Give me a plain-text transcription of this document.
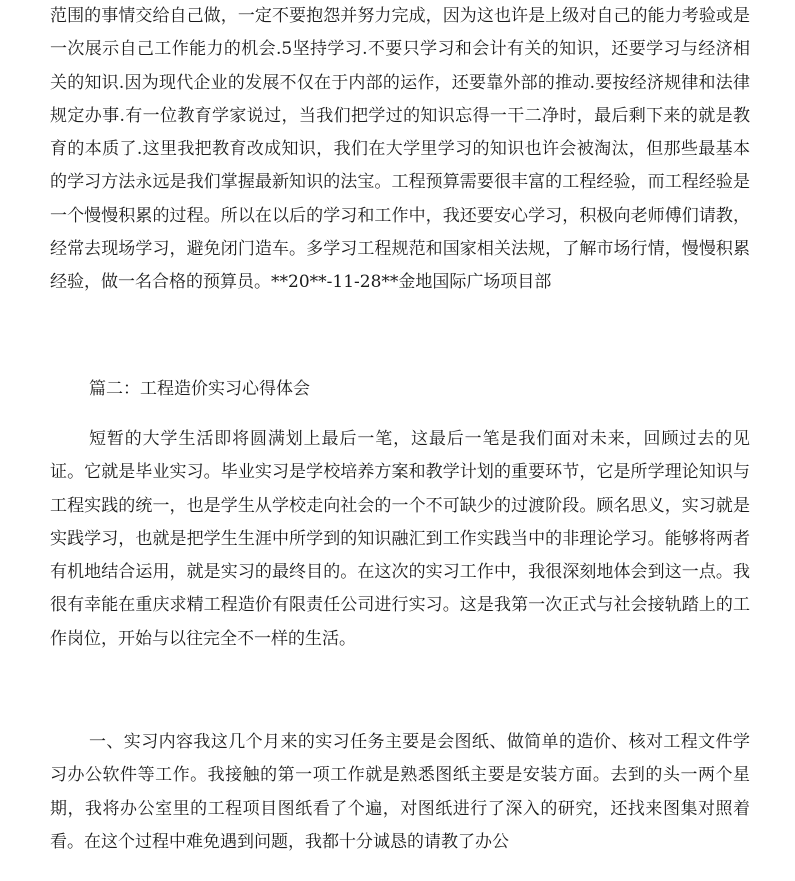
范围的事情交给自己做，一定不要抱怨并努力完成，因为这也许是上级对自己的能力考验或是一次展示自己工作能力的机会.5坚持学习.不要只学习和会计有关的知识，还要学习与经济相关的知识.因为现代企业的发展不仅在于内部的运作，还要靠外部的推动.要按经济规律和法律规定办事.有一位教育学家说过，当我们把学过的知识忘得一干二净时，最后剩下来的就是教育的本质了.这里我把教育改成知识，我们在大学里学习的知识也许会被淘汰，但那些最基本的学习方法永远是我们掌握最新知识的法宝。工程预算需要很丰富的工程经验，而工程经验是一个慢慢积累的过程。所以在以后的学习和工作中，我还要安心学习，积极向老师傅们请教，经常去现场学习，避免闭门造车。多学习工程规范和国家相关法规，了解市场行情，慢慢积累经验，做一名合格的预算员。**20**-11-28**金地国际广场项目部

篇二：工程造价实习心得体会

短暂的大学生活即将圆满划上最后一笔，这最后一笔是我们面对未来，回顾过去的见证。它就是毕业实习。毕业实习是学校培养方案和教学计划的重要环节，它是所学理论知识与工程实践的统一，也是学生从学校走向社会的一个不可缺少的过渡阶段。顾名思义，实习就是实践学习，也就是把学生生涯中所学到的知识融汇到工作实践当中的非理论学习。能够将两者有机地结合运用，就是实习的最终目的。在这次的实习工作中，我很深刻地体会到这一点。我很有幸能在重庆求精工程造价有限责任公司进行实习。这是我第一次正式与社会接轨踏上的工作岗位，开始与以往完全不一样的生活。

一、实习内容我这几个月来的实习任务主要是会图纸、做简单的造价、核对工程文件学习办公软件等工作。我接触的第一项工作就是熟悉图纸主要是安装方面。去到的头一两个星期，我将办公室里的工程项目图纸看了个遍，对图纸进行了深入的研究，还找来图集对照着看。在这个过程中难免遇到问题，我都十分诚恳的请教了办公
